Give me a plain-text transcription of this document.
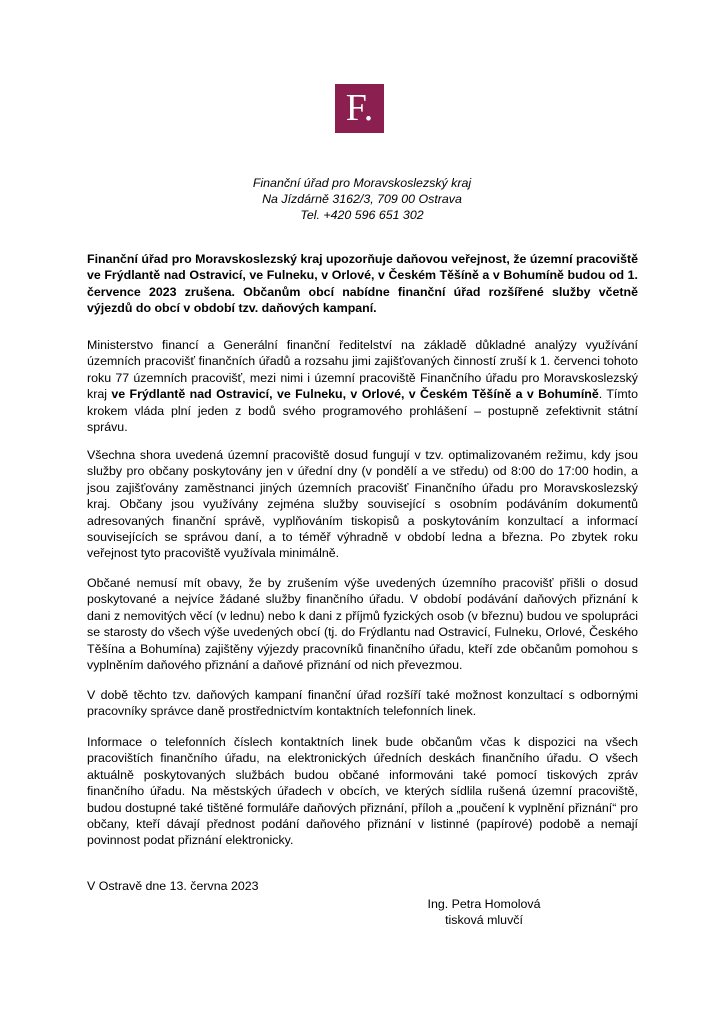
F.
Finanční úřad pro Moravskoslezský kraj
Na Jízdárně 3162/3, 709 00 Ostrava
Tel. +420 596 651 302
Finanční úřad pro Moravskoslezský kraj upozorňuje daňovou veřejnost, že územní pracoviště ve Frýdlantě nad Ostravicí, ve Fulneku, v Orlové, v Českém Těšíně a v Bohumíně budou od 1. července 2023 zrušena. Občanům obcí nabídne finanční úřad rozšířené služby včetně výjezdů do obcí v období tzv. daňových kampaní.
Ministerstvo financí a Generální finanční ředitelství na základě důkladné analýzy využívání územních pracovišť finančních úřadů a rozsahu jimi zajišťovaných činností zruší k 1. červenci tohoto roku 77 územních pracovišť, mezi nimi i územní pracoviště Finančního úřadu pro Moravskoslezský kraj ve Frýdlantě nad Ostravicí, ve Fulneku, v Orlové, v Českém Těšíně a v Bohumíně. Tímto krokem vláda plní jeden z bodů svého programového prohlášení – postupně zefektivnit státní správu.
Všechna shora uvedená územní pracoviště dosud fungují v tzv. optimalizovaném režimu, kdy jsou služby pro občany poskytovány jen v úřední dny (v pondělí a ve středu) od 8:00 do 17:00 hodin, a jsou zajišťovány zaměstnanci jiných územních pracovišť Finančního úřadu pro Moravskoslezský kraj. Občany jsou využívány zejména služby související s osobním podáváním dokumentů adresovaných finanční správě, vyplňováním tiskopisů a poskytováním konzultací a informací souvisejících se správou daní, a to téměř výhradně v období ledna a března. Po zbytek roku veřejnost tyto pracoviště využívala minimálně.
Občané nemusí mít obavy, že by zrušením výše uvedených územního pracovišť přišli o dosud poskytované a nejvíce žádané služby finančního úřadu. V období podávání daňových přiznání k dani z nemovitých věcí (v lednu) nebo k dani z příjmů fyzických osob (v březnu) budou ve spolupráci se starosty do všech výše uvedených obcí (tj. do Frýdlantu nad Ostravicí, Fulneku, Orlové, Českého Těšína a Bohumína) zajištěny výjezdy pracovníků finančního úřadu, kteří zde občanům pomohou s vyplněním daňového přiznání a daňové přiznání od nich převezmou.
V době těchto tzv. daňových kampaní finanční úřad rozšíří také možnost konzultací s odbornými pracovníky správce daně prostřednictvím kontaktních telefonních linek.
Informace o telefonních číslech kontaktních linek bude občanům včas k dispozici na všech pracovištích finančního úřadu, na elektronických úředních deskách finančního úřadu. O všech aktuálně poskytovaných službách budou občané informováni také pomocí tiskových zpráv finančního úřadu. Na městských úřadech v obcích, ve kterých sídlila rušená územní pracoviště, budou dostupné také tištěné formuláře daňových přiznání, příloh a „poučení k vyplnění přiznání“ pro občany, kteří dávají přednost podání daňového přiznání v listinné (papírové) podobě a nemají povinnost podat přiznání elektronicky.
V Ostravě dne 13. června 2023
Ing. Petra Homolová
tisková mluvčí
